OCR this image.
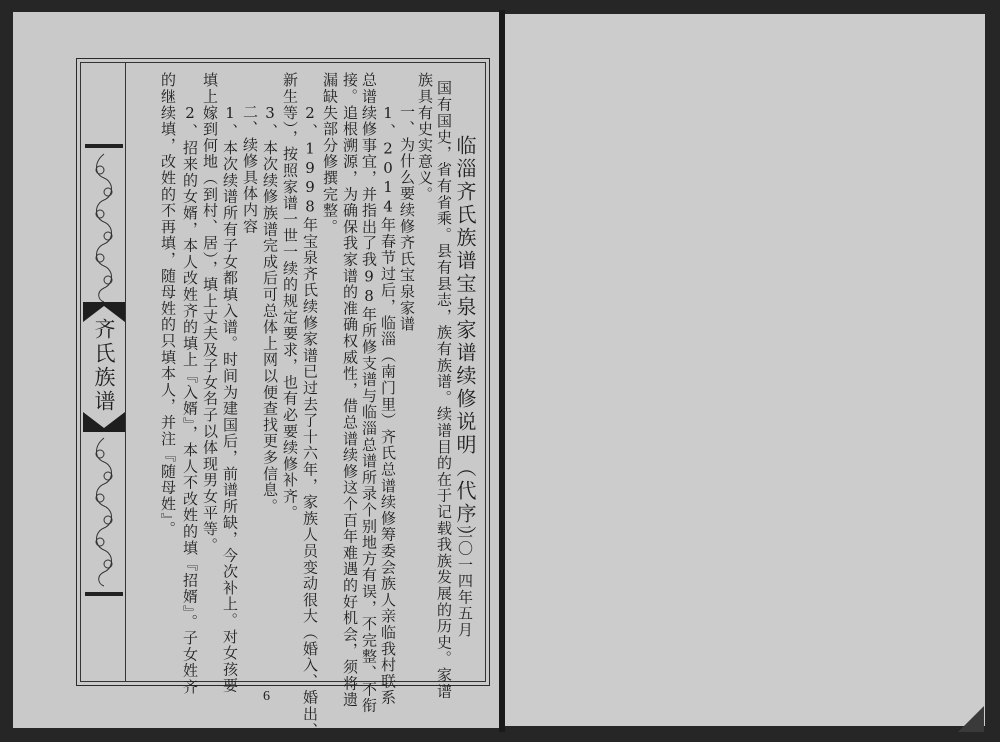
齐氏族谱	临淄齐氏族谱宝泉家谱续修说明（代序）
二〇一四年五月
国有国史，省有省乘。县有县志，族有族谱。续谱目的在于记载我族发展的历史。家谱
族具有史实意义。
一、为什么要续修齐氏宝泉家谱
1、2014年春节过后，临淄（南门里）齐氏总谱续修筹委会族人亲临我村联系
总谱续修事宜，并指出了我98年所修支谱与临淄总谱所录个别地方有误，不完整、不衔
接。追根溯源，为确保我家谱的准确权威性，借总谱续修这个百年难遇的好机会，须将遗
漏缺失部分修撰完整。
2、1998年宝泉齐氏续修家谱已过去了十六年，家族人员变动很大（婚入、婚出、
新生等），按照家谱一世一续的规定要求，也有必要续修补齐。
3、本次续修族谱完成后可总体上网以便查找更多信息。
二、续修具体内容
1、本次续谱所有子女都填入谱。时间为建国后，前谱所缺，今次补上。对女孩要
填上嫁到何地（到村、居），填上丈夫及子女名子以体现男女平等。
2、招来的女婿，本人改姓齐的填上『入婿』，本人不改姓的填『招婿』。子女姓齐
的继续填，改姓的不再填，随母姓的只填本人，并注『随母姓』。
6
